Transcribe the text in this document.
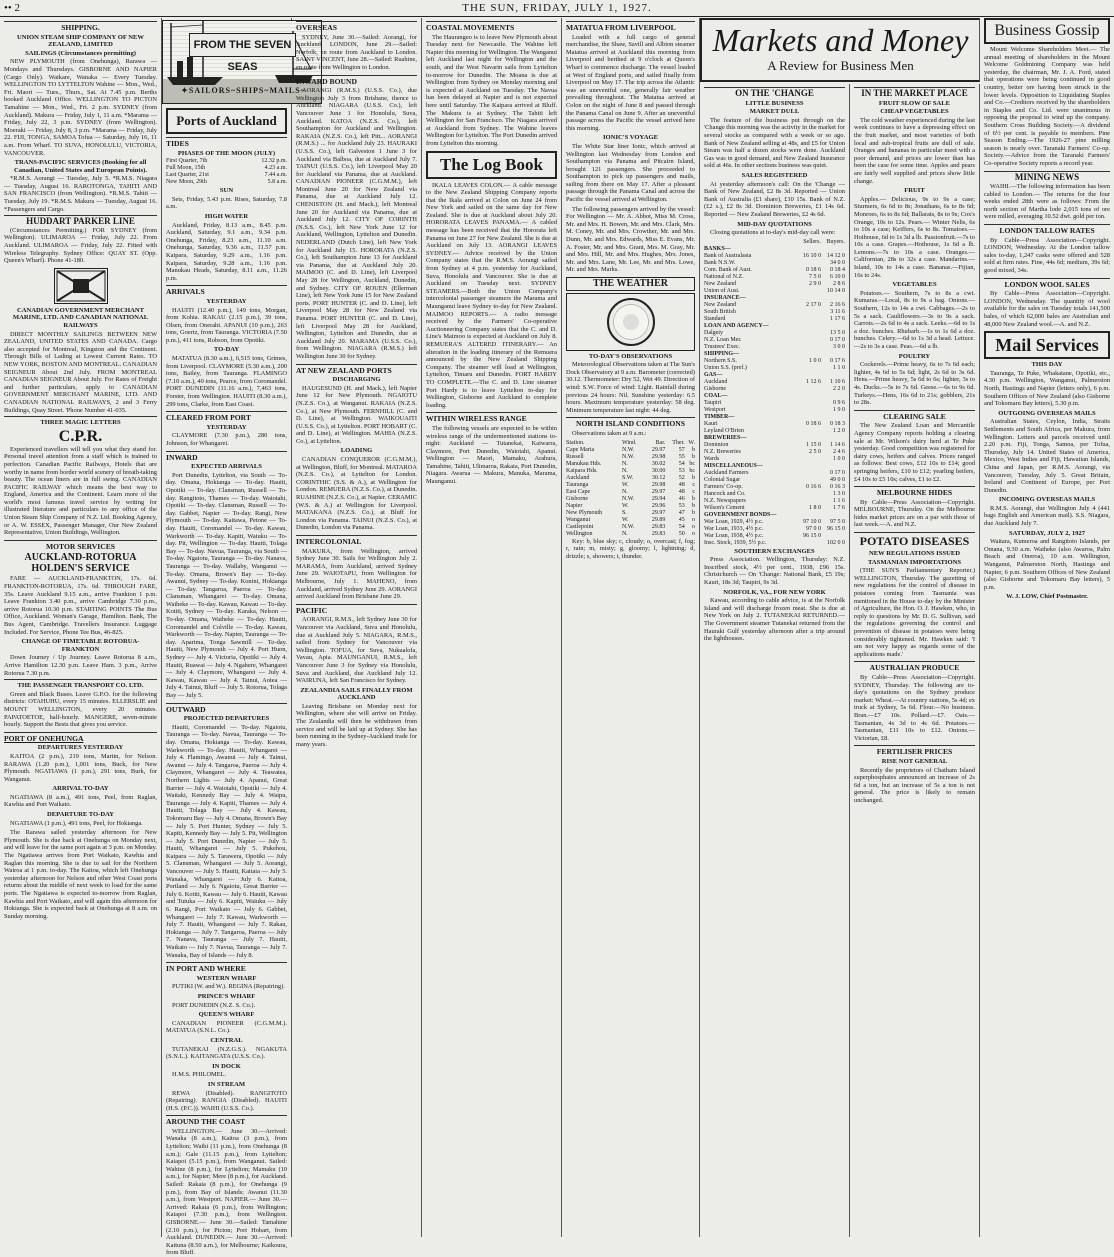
•• 2	THE SUN, FRIDAY, JULY 1, 1927.
SHIPPING.
UNION STEAM SHIP COMPANY OF NEW ZEALAND, LIMITED
SAILINGS (Circumstances permitting)

NEW PLYMOUTH (from Onehunga), Rarawa — Mondays and Thursdays. GISBORNE AND NAPIER (Cargo Only). Waikare, Wanaka — Every Tuesday. WELLINGTON TO LYTTELTON Wahine — Mon., Wed., Fri. Maori — Tues., Thurs., Sat. At 7.45 p.m. Berths booked Auckland Office. WELLINGTON TO PICTON Tamahine — Mon., Wed., Fri. 2 p.m. SYDNEY (from Auckland). Makura — Friday, July 1, 11 a.m. *Marama — Friday, July 22, 3 p.m. SYDNEY (from Wellington). Moeraki — Friday, July 8, 3 p.m. *Marama — Friday, July 22. FIJI, TONGA, SAMOA Tofua — Saturday, July 16, 11 a.m. From Wharf. TO SUVA, HONOLULU, VICTORIA, VANCOUVER.

TRANS-PACIFIC SERVICES (Booking for all Canadian, United States and European Points).

*R.M.S. Aorangi — Tuesday, July 5. *R.M.S. Niagara — Tuesday, August 16. RAROTONGA, TAHITI AND SAN FRANCISCO (from Wellington). *R.M.S. Tahiti — Tuesday, July 19. *R.M.S. Makura — Tuesday, August 16. *Passengers and Cargo.

HUDDART PARKER LINE

(Circumstances Permitting.) FOR SYDNEY (from Wellington). ULIMAROA — Friday, July 22. From Auckland. ULIMAROA — Friday, July 22. Fitted with Wireless Telegraphy. Sydney Office: QUAY ST. (Opp. Queen's Wharf). Phone 41-180.

CANADIAN GOVERNMENT MERCHANT MARINE, LTD. AND CANADIAN NATIONAL RAILWAYS

DIRECT MONTHLY SAILINGS BETWEEN NEW ZEALAND, UNITED STATES AND CANADA. Cargo also accepted for Montreal, Kingston and the Continent. Through Bills of Lading at Lowest Current Rates. TO NEW YORK, BOSTON AND MONTREAL. CANADIAN SEIGNEUR About 2nd July. FROM MONTREAL CANADIAN SEIGNEUR About July. For Rates of Freight and further particulars, apply to CANADIAN GOVERNMENT MERCHANT MARINE, LTD. AND CANADIAN NATIONAL RAILWAYS, 2 and 3 Ferry Buildings, Quay Street. 'Phone Number 41-035.

THREE MAGIC LETTERS
C.P.R.

Experienced travellers will tell you what they stand for. Personal travel attention from a staff which is trained to perfection. Canadian Pacific Railways, Hotels that are worthy in name from border world scenery of breath-taking beauty. The ocean liners are in full swing. CANADIAN PACIFIC RAILWAY which means the best way to England, America and the Continent. Learn more of the world's most famous travel service by writing for illustrated literature and particulars to any office of the Union Steam Ship Company of N.Z. Ltd. Booking Agency, or A. W. ESSEX, Passenger Manager, Our New Zealand Representative, Union Buildings, Wellington.

MOTOR SERVICES
AUCKLAND-ROTORUA HOLDEN'S SERVICE

FARE — AUCKLAND-FRANKTON, 17s. 6d. FRANKTON-ROTORUA, 17s. 6d. THROUGH FARE, 35s. Leave Auckland 9.15 a.m., arrive Frankton 1 p.m. Leave Frankton 3.40 p.m., arrive Cambridge 7.30 p.m., arrive Rotorua 10.30 p.m. STARTING POINTS The Bus Office, Auckland. Woman's Garage, Hamilton. Bank, The Bus Agent, Cambridge. Travellers Insurance. Luggage Included. For Service, Phone Tee Bus, 46-825.

CHANGE OF TIMETABLE ROTORUA-FRANKTON

Down Journey / Up Journey. Leave Rotorua 8 a.m., Arrive Hamilton 12.30 p.m. Leave Ham. 3 p.m., Arrive Rotorua 7.30 p.m.

THE PASSENGER TRANSPORT CO. LTD.

Green and Black Buses. Leave G.P.O. for the following districts: OTAHUHU, every 15 minutes. ELLERSLIE and MOUNT WELLINGTON, every 20 minutes. PAPATOETOE, half-hourly. MANGERE, seven-minute hourly. Support the Bests that gives you service.

PORT OF ONEHUNGA
DEPARTURES YESTERDAY

KAITOA (2 p.m.), 219 tons, Martin, for Nelson. RARAWA (1.20 p.m.), 1,001 tons, Buck, for New Plymouth. NGATIAWA (1 p.m.), 291 tons, Burk, for Wanganui.

ARRIVAL TO-DAY

NGATIAWA (8 a.m.), 491 tons, Peel, from Raglan, Kawhia and Port Waikato.

DEPARTURE TO-DAY

NGATIAWA (1 p.m.), 491 tons, Peel, for Hokianga.

The Rarawa sailed yesterday afternoon for New Plymouth. She is due back at Onehunga on Monday next, and will leave for the same port again at 3 p.m. on Monday. The Ngatiawa arrives from Port Waikato, Kawhia and Raglan this morning. She is due to sail for the Northern Wairoa at 1 p.m. to-day. The Kaitoa, which left Onehunga yesterday afternoon for Nelson and other West Coast ports returns about the middle of next week to load for the same ports. The Ngatiawa is expected to-morrow from Raglan, Kawhia and Port Waikato, and will again this afternoon for Hokianga. She is expected back at Onehunga at 8 a.m. on Sunday morning.

FROM THE SEVEN SEAS
✦SAILORS~SHIPS~MAILS~
Ports of Auckland
TIDES
PHASES OF THE MOON (JULY)
First Quarter, 7th	12.32 p.m.
Full Moon, 15th	4.23 a.m.
Last Quarter, 21st	7.44 a.m.
New Moon, 29th	5.8 a.m.
SUN

Sets, Friday, 5.43 p.m. Rises, Saturday, 7.8 a.m.

HIGH WATER

Auckland, Friday, 8.13 a.m., 8.45 p.m. Auckland, Saturday, 9.1 a.m., 9.34 p.m. Onehunga, Friday, 8.23 a.m., 11.10 a.m. Onehunga, Saturday, 9.36 a.m., 11.57 p.m. Kaipara, Saturday, 9.29 a.m., 1.16 p.m. Kaipara, Saturday, 9.28 a.m., 1.16 p.m. Manukau Heads, Saturday, 8.11 a.m., 11.26 p.m.

ARRIVALS
YESTERDAY

HAUITI (12.40 p.m.), 149 tons, Morgan, from Kohia. RAKAU (2.15 p.m.), 39 tons, Olsen, from Onerahi. APANUI (10 p.m.), 263 tons, Goertz, from Tauranga. VICTORIA (7.50 p.m.), 411 tons, Robson, from Opotiki.

TO-DAY

MATATUA (8.30 a.m.), 6,515 tons, Grimes, from Liverpool. CLAYMORE (5.30 a.m.), 200 tons, Bailey, from Tauranga. FLAMINGO (7.10 a.m.), 40 tons, Pearce, from Coromandel. PORT DUNEDIN (11.16 a.m.), 7,463 tons, Forster, from Wellington. HAUITI (8.30 a.m.), 299 tons, Clarke, from East Coast.

CLEARED FROM PORT
YESTERDAY

CLAYMORE (7.30 p.m.), 280 tons, Johnson, for Whangarei.

INWARD
EXPECTED ARRIVALS

Port Dunedin, Lyttelton, via South — To-day. Omana, Hokianga — To-day. Hauiti, Opotiki — To-day. Clansman, Russell — To-day. Rangitoto, Thames — To-day. Waiotahi, Opotiki — To-day. Clansman, Russell — To-day. Gabbet, Napier — To-day. Rangi, New Plymouth — To-day. Kaitawa, Petone — To-day. Hauiti, Coromandel — To-day. Kawau, Warkworth — To-day. Kapiti, Waiuku — To-day. Pit, Wellington — To-day. Hauiti, Tolaga Bay — To-day. Navua, Tauranga, via South — To-day. Ngaiotu, Tauranga — To-day. Nanava, Tauranga — To-day. Wallaby, Wanganui — To-day. Omana, Brown's Bay — To-day. Awanui, Sydney — To-day. Konini, Hokianga — To-day. Tangaroa, Paeroa — To-day. Clansman, Whangarei — To-day. Omana, Waiheke — To-day. Kawau, Kawau — To-day. Kotiti, Sydney — To-day. Karaka, Nelson — To-day. Omana, Waiheke — To-day. Hauiti, Coromandel and Colville — To-day. Kawau, Warkworth — To-day. Napier, Tauranga — To-day. Aparima, Tonga Sawmill — To-day. Hauiti, New Plymouth — July 4. Port Huon, Sydney — July 4. Victoria, Opotiki — July 4. Hauiti, Ruawai — July 4. Ngahere, Whangarei — July 4. Claymore, Whangarei — July 4. Kawau, Kawau — July 4. Tainui, Aotea — July 4. Tainui, Bluff — July 5. Rotorua, Tolaga Bay — July 5.

OUTWARD
PROJECTED DEPARTURES

Hauiti, Coromandel — To-day. Ngaiotu, Tauranga — To-day. Navua, Tauranga — To-day. Omana, Hokianga — To-day. Kawau, Warkworth — To-day. Hauiti, Whangarei — July 4. Flamingo, Awanui — July 4. Tainui, Awanui — July 4. Tangaroa, Paeroa — July 4. Claymore, Whangarei — July 4. Teawatea, Northern Lights — July 4. Apanui, Great Barrier — July 4. Waiotahi, Opotiki — July 4. Waitaki, Kennedy Bay — July 4. Waipu, Tauranga — July 4. Kapiti, Thames — July 4. Hauiti, Tolaga Bay — July 4. Kawau, Tokomaru Bay — July 4. Omana, Brown's Bay — July 5. Port Hunter, Sydney — July 5. Kapiti, Kennedy Bay — July 5. Pit, Wellington — July 5. Port Dunedin, Napier — July 5. Hauiti, Whangarei — July 5. Pukehou, Kaipara — July 5. Tarawera, Opotiki — July 5. Clansman, Whangarei — July 5. Aorangi, Vancouver — July 5. Hauiti, Kaitaia — July 5. Wanaka, Whangarei — July 6. Kaitoa, Portland — July 6. Ngaiotu, Great Barrier — July 6. Kotiti, Kawau — July 6. Hauiti, Kawau and Tutuka — July 6. Kapiti, Waiuku — July 6. Rangi, Port Waikato — July 6. Gabbet, Whangarei — July 7. Kawau, Warkworth — July 7. Hauiti, Whangarei — July 7. Rakau, Hokianga — July 7. Tangaroa, Paeroa — July 7. Nanava, Tauranga — July 7. Hauiti, Waikato — July 7. Navua, Tauranga — July 7. Wanaka, Bay of Islands — July 8.

IN PORT AND WHERE
WESTERN WHARF

PUTIKI (W. and W.). REGINA (Repairing).

PRINCE'S WHARF

PORT DUNEDIN (N.Z. S. Co.).

QUEEN'S WHARF

CANADIAN PIONEER (C.G.M.M.). MATATUA (S.N.L. Co.).

CENTRAL

TUTANEKAI (N.Z.G.S.). NGAKUTA (S.N.L.). KAITANGATA (U.S.S. Co.).

IN DOCK

H.M.S. PHILOMEL.

IN STREAM

REWA (Disabled). RANGITOTO (Repairing). RANGIA (Disabled). HAUITI (H.S. (P.C.)). WAIHI (U.S.S. Co.).

AROUND THE COAST

WELLINGTON.— June 30.—Arrived: Wanaka (8 a.m.), Kaitoa (3 p.m.), from Lyttelton; Waihi (11 p.m.), from Onehunga (8 a.m.); Gale (11.15 p.m.), from Lyttelton; Kaiapoi (5.15 p.m.), from Wanganui. Sailed: Wahine (8 p.m.), for Lyttelton; Mamaku (10 a.m.), for Napier; Mere (8 p.m.), for Auckland. Sailed: Rakaia (8 p.m.), for Onehunga (9 p.m.), from Bay of Islands; Awanui (11.30 a.m.), from Westport. NAPIER.— June 30.—Arrived: Rakaia (6 p.m.), from Wellington; Kaiapoi (7.30 p.m.), from Wellington. GISBORNE.— June 30.—Sailed: Tamahine (2.10 p.m.), for Picton; Port Hobart, from Auckland. DUNEDIN.— June 30.—Arrived: Kaituna (8.50 a.m.), for Melbourne; Kaikoura, from Bluff.

OVERSEAS

SYDNEY, June 30.—Sailed: Aorangi, for Auckland. LONDON, June 29.—Sailed: Norfolk, en route from Auckland to London. SAINT VINCENT, June 28.—Sailed: Ruahine, en route from Wellington to London.

INWARD BOUND

AORANGI (R.M.S.) (U.S.S. Co.), due Wellington July 3 from Brisbane, thence to Auckland. NIAGARA (U.S.S. Co.), left Vancouver June 1 for Honolulu, Suva, Auckland. KATOA (N.Z.S. Co.), left Southampton for Auckland and Wellington. RAKAIA (N.Z.S. Co.), left Pitt... AORANGI (R.M.S.) ... for Auckland July 23. HAURAKI (U.S.S. Co.), left Galveston 1 June 3 for Auckland via Balboa, due at Auckland July 7. TAINUI (U.S.S. Co.), left Liverpool May 20 for Auckland via Panama, due at Auckland. CANADIAN PIONEER (C.G.M.M.), left Montreal June 20 for New Zealand via Panama, due at Auckland July 12. CHENISTON (H. and Mack.), left Montreal June 20 for Auckland via Panama, due at Auckland July 12. CITY OF CORINTH (N.S.S. Co.), left New York June 12 for Auckland, Wellington, Lyttelton and Dunedin. NEDERLAND (Dutch Line), left New York for Auckland July 15. HORORATA (N.Z.S. Co.), left Southampton June 13 for Auckland via Panama, due at Auckland July 20. MAIMOO (C. and D. Line), left Liverpool May 28 for Wellington, Auckland, Dunedin, and Sydney. CITY OF ROUEN (Ellerman Line), left New York June 15 for New Zealand ports. PORT HUNTER (C. and D. Line), left Liverpool May 28 for New Zealand via Panama. PORT HUNTER (C. and D. Line), left Liverpool May 28 for Auckland, Wellington, Lyttelton and Dunedin, due at Auckland July 20. MARAMA (U.S.S. Co.), from Wellington. NIAGARA (R.M.S.) left Wellington June 30 for Sydney.

AT NEW ZEALAND PORTS
DISCHARGING

HAUGESUND (H. and Mack.), left Napier June 12 for New Plymouth. NGAIOTU (N.Z.S. Co.), at Wanganui. RAKAIA (N.Z.S. Co.), at New Plymouth. FERNHILL (C. and D. Line), at Wellington. WAIKOUAITI (U.S.S. Co.), at Lyttelton. PORT HOBART (C. and D. Line), at Wellington. MAHIA (N.Z.S. Co.), at Lyttelton.

LOADING

CANADIAN CONQUEROR (C.G.M.M.), at Wellington, Bluff, for Montreal. MATAROA (N.Z.S. Co.), at Lyttelton for London. CORINTHIC (S.S. & A.), at Wellington for London. REMUERA (N.Z.S. Co.), at Dunedin. RUAHINE (N.Z.S. Co.), at Napier. CERAMIC (W.S. & A.) at Wellington for Liverpool. MATAKANA (N.Z.S. Co.), at Bluff for London via Panama. TAINUI (N.Z.S. Co.), at Dunedin, London via Panama.

INTERCOLONIAL

MAKURA, from Wellington, arrived Sydney June 30. Sails for Wellington July 2. MARAMA, from Auckland, arrived Sydney June 29. WAIOTAPU, from Wellington for Melbourne, July 1. MAHENO, from Auckland, arrived Sydney June 29. AORANGI arrived Auckland from Brisbane June 29.

PACIFIC

AORANGI, R.M.S., left Sydney June 30 for Vancouver via Auckland, Suva and Honolulu, due at Auckland July 5. NIAGARA, R.M.S., sailed from Sydney for Vancouver via Wellington. TOFUA, for Suva, Nukualofa, Vavau, Apia. MAUNGANUI, R.M.S., left Vancouver June 3 for Sydney via Honolulu, Suva and Auckland, due Auckland July 12. WAIRUNA, left San Francisco for Sydney.

ZEALANDIA SAILS FINALLY FROM AUCKLAND

Leaving Brisbane on Monday next for Wellington, where she will arrive on Friday. The Zealandia will then be withdrawn from service and will be laid up at Sydney. She has been running in the Sydney-Auckland trade for many years.

COASTAL MOVEMENTS

The Haurangeo is to leave New Plymouth about Tuesday next for Newcastle. The Wahine left Napier this morning for Wellington. The Wanganui left Auckland last night for Wellington and the south, and the West Navarin sails from Lyttelton to-morrow for Dunedin. The Moana is due at Wellington from Sydney on Monday morning and is expected at Auckland on Tuesday. The Navua has been delayed at Napier and is not expected here until Saturday. The Kaipara arrived at Bluff. The Makura is at Sydney. The Tahiti left Wellington for San Francisco. The Niagara arrived at Auckland from Sydney. The Wahine leaves Wellington for Lyttelton. The Port Dunedin arrived from Lyttelton this morning.

The Log Book

IKALA LEAVES COLON.— A cable message to the New Zealand Shipping Company reports that the Ikala arrived at Colon on June 24 from New York and sailed on the same day for New Zealand. She is due at Auckland about July 20. HORORATA LEAVES PANAMA.— A cabled message has been received that the Hororata left Panama on June 27 for New Zealand. She is due at Auckland on July 13. AORANGI LEAVES SYDNEY.— Advice received by the Union Company states that the R.M.S. Aorangi sailed from Sydney at 4 p.m. yesterday for Auckland, Suva, Honolulu and Vancouver. She is due at Auckland on Tuesday next. SYDNEY STEAMERS.—Both the Union Company's intercolonial passenger steamers the Marama and Maunganui leave Sydney to-day for New Zealand. MAIMOO REPORTS.— A radio message received by the Farmers' Co-operative Auctioneering Company states that the C. and D. Line's Maimoo is expected at Auckland on July 8. REMUERA'S ALTERED ITINERARY.— An alteration in the loading itinerary of the Remuera announced by the New Zealand Shipping Company. The steamer will load at Wellington, Lyttelton, Timaru and Dunedin. FORT HARDY TO COMPLETE.—The C. and D. Line steamer Port Hardy is to leave Lyttelton to-day for Wellington, Gisborne and Auckland to complete loading.

WITHIN WIRELESS RANGE

The following vessels are expected to be within wireless range of the undermentioned stations to-night: Auckland — Tutanekai, Kaiwarra, Claymore, Port Dunedin, Waiotahi, Apanui. Wellington — Maori, Mamaku, Arahura, Tamahine, Tahiti, Ulimaroa, Rakaia, Port Dunedin, Niagara. Awarua — Makura, Manuka, Marama, Maunganui.

MATATUA FROM LIVERPOOL

Loaded with a full cargo of general merchandise, the Shaw, Savill and Albion steamer Matatua arrived at Auckland this morning from Liverpool and berthed at 9 o'clock at Queen's Wharf to commence discharge. The vessel loaded at West of England ports, and sailed finally from Liverpool on May 17. The trip across the Atlantic was an uneventful one, generally fair weather prevailing throughout. The Matatua arrived at Colon on the night of June 8 and passed through the Panama Canal on June 9. After an uneventful passage across the Pacific the vessel arrived here this morning.

IONIC'S VOYAGE

The White Star liner Ionic, which arrived at Wellington last Wednesday from London and Southampton via Panama and Pitcairn Island, brought 121 passengers. She proceeded to Southampton to pick up passengers and mails, sailing from there on May 17. After a pleasant passage through the Panama Canal and across the Pacific the vessel arrived at Wellington.

The following passengers arrived by the vessel: For Wellington — Mr. A. Abbot, Miss M. Cross, Mr. and Mrs. H. Bowen, Mr. and Mrs. Clark, Mrs. M. Coney, Mr. and Mrs. Crowther, Mr. and Mrs. Dunn, Mr. and Mrs. Edwards, Miss E. Evans, Mr. A. Foster, Mr. and Mrs. Grant, Mrs. M. Gray, Mr. and Mrs. Hill, Mr. and Mrs. Hughes, Mrs. Jones, Mr. and Mrs. Lane, Mr. Lee, Mr. and Mrs. Lowe, Mr. and Mrs. Marks.

THE WEATHER
TO-DAY'S OBSERVATIONS

Meteorological Observations taken at The Sun's Dock Observatory at 9 a.m. Barometer (corrected) 30.12. Thermometer: Dry 52, Wet 49. Direction of wind: S.W. Force of wind: Light. Rainfall during previous 24 hours: Nil. Sunshine yesterday: 6.5 hours. Maximum temperature yesterday: 58 deg. Minimum temperature last night: 44 deg.

NORTH ISLAND CONDITIONS

Observations taken at 9 a.m.:

Station.	Wind.	Bar.	Ther.	W.
Cape Maria	N.W.	29.97	57	b
Russell	N.W.	29.98	55	b
Manukau Hds.	N.	30.02	54	bc
Kaipara Hds.	N.	30.00	53	bc
Auckland	S.W.	30.12	52	b
Tauranga	W.	29.98	48	c
East Cape	N.	29.97	48	c
Gisborne	N.W.	29.94	46	b
Napier	W.	29.96	53	b
New Plymouth	S.	29.97	47	b
Wanganui	W.	29.89	45	o
Castlepoint	N.W.	29.83	54	o
Wellington	N.	29.83	50	o

Key: b, blue sky; c, cloudy; o, overcast; f, fog; r, rain; m, misty; g, gloomy; l, lightning; d, drizzle; s, showers; t, thunder.

Markets and Money
A Review for Business Men
ON THE 'CHANGE
LITTLE BUSINESS
MARKET DULL

The feature of the business put through on the 'Change this morning was the activity in the market for several stocks as compared with a week or so ago. Bank of New Zealand selling at 48s, and £5 for Union Steam was half a dozen stocks were done. Auckland Gas was in good demand, and New Zealand Insurance sold at 46s. In other sections business was quiet.

SALES REGISTERED

At yesterday afternoon's call: On the 'Change — Bank of New Zealand, £2 8s 3d. Reported — Union Bank of Australia (£1 share), £10 15s. Bank of N.Z. (£2 s.), £2 8s 3d. Dominion Breweries, £1 14s 6d. Reported — New Zealand Breweries, £2 4s 6d.

MID-DAY QUOTATIONS

Closing quotations at to-day's mid-day call were:

	Sellers.	Buyers.
BANKS—		
Bank of Australasia	16 10 0	14 12 0
Bank N.S.W.		34 0 0
Com. Bank of Aust.	0 18 6	0 18 4
National of N.Z.	7 5 0	6 10 0
New Zealand	2 9 0	2 8 6
Union of Aust.		10 14 0
INSURANCE—		
New Zealand	2 17 0	2 16 6
South British		3 11 6
Standard		1 17 6
LOAN AND AGENCY—		
Dalgety		13 5 0
N.Z. Loan Mer.		0 17 0
Trustees' Exec.		3 0 0
SHIPPING—		
Northern S.S.	1 0 0	0 17 6
Union S.S. (pref.)		1 1 0
GAS—		
Auckland	1 12 6	1 10 6
Gisborne		2 2 0
COAL—		
Taupiri		0 9 6
Westport		1 9 0
TIMBER—		
Kauri	0 18 6	0 18 3
Leyland O'Brien		1 2 0
BREWERIES—		
Dominion	1 15 0	1 14 6
N.Z. Breweries	2 5 0	2 4 6
Wards		1 0 0
MISCELLANEOUS—		
Auckland Farmers		0 17 0
Colonial Sugar		49 0 0
Farmers' Co-op.	0 16 6	0 16 3
Hancock and Co.		1 3 0
N.Z. Newspapers		1 1 6
Wilson's Cement	1 8 0	1 7 6
GOVERNMENT BONDS—		
War Loan, 1929, 4½ p.c.	97 10 0	97 5 0
War Loan, 1933, 4½ p.c.	97 0 0	96 15 0
War Loan, 1938, 4½ p.c.	96 15 0	
Insc. Stock, 1939, 5½ p.c.		102 0 0
SOUTHERN EXCHANGES

Press Association. Wellington, Thursday: N.Z. Inscribed stock, 4½ per cent., 1938, £96 15s. Christchurch — On 'Change: National Bank, £5 19s; Kauri, 18s 3d; Taupiri, 9s 3d.

NORFOLK, VA., FOR NEW YORK

Kawau, according to cable advice, is at the Norfolk Island and will discharge frozen meat. She is due at New York on July 2. TUTANEKAI RETURNED.—The Government steamer Tutanekai returned from the Hauraki Gulf yesterday afternoon after a trip around the lighthouses.

IN THE MARKET PLACE
FRUIT SLOW OF SALE
CHEAP VEGETABLES

The cold weather experienced during the last week continues to have a depressing effect on the fruit market, and most varieties of both local and sub-tropical fruits are dull of sale. Oranges and bananas in particular meet with a poor demand, and prices are lower than has been the case for some time. Apples and pears are fairly well supplied and prices show little change.

FRUIT

Apples.— Delicious, 9s to 9s a case; Sturmers, 6s 6d to 8s; Jonathans, 6s to 8s 6d; Monroes, 6s to 8s 6d; Ballarats, 8s to 9s; Cox's Orange, 10s to 12s. Pears.— Winter Nelis, 6s to 10s a case; Keiffers, 6s to 8s. Tomatoes.—Hothouse, 6d to 1s 3d a lb. Passionfruit.—7s to 10s a case. Grapes.—Hothouse, 1s 6d a lb. Lemons.—7s to 10s a case. Oranges.—Californian, 28s to 32s a case. Mandarins.—Island, 10s to 14s a case. Bananas.—Fijian, 16s to 24s.

VEGETABLES

Potatoes.— Southern, 7s to 8s a cwt. Kumaras.—Local, 8s to 9s a bag. Onions.—Southern, 12s to 14s a cwt. Cabbages.—2s to 5s a sack. Cauliflowers.—3s to 9s a sack. Carrots.—2s 6d to 4s a sack. Leeks.—6d to 1s a doz. bunches. Rhubarb.—1s to 1s 6d a doz. bunches. Celery.—6d to 1s 3d a head. Lettuce.—2s to 3s a case. Peas.—6d a lb.

POULTRY

Cockerels.—Prime heavy, 6s to 7s 6d each; lighter, 4s 6d to 5s 6d; light, 2s 6d to 3s 6d. Hens.—Prime heavy, 5s 6d to 6s; lighter, 3s to 4s. Ducks.—5s to 7s 6d. Geese.—6s to 9s 6d. Turkeys.—Hens, 16s 6d to 21s; gobblers, 21s to 28s.

CLEARING SALE

The New Zealand Loan and Mercantile Agency Company reports holding a clearing sale at Mr. Wilson's dairy herd at Te Puke yesterday. Good competition was registered for dairy cows, heifers and calves. Prices ranged as follows: Best cows, £12 10s to £14; good springing heifers, £10 to £12; yearling heifers, £4 10s to £5 10s; calves, £1 to £2.

MELBOURNE HIDES

By Cable—Press Association—Copyright. MELBOURNE, Thursday. On the Melbourne hides market prices are on a par with those of last week.—A. and N.Z.

POTATO DISEASES
NEW REGULATIONS ISSUED
TASMANIAN IMPORTATIONS

(THE SUN'S Parliamentary Reporter.) WELLINGTON, Thursday. The gazetting of new regulations for the control of disease in potatoes coming from Tasmania was mentioned in the House to-day by the Minister of Agriculture, the Hon. O. J. Hawken, who, in reply to questions by Mr. D. G. Sullivan, said the regulations governing the control and prevention of disease in potatoes were being considerably tightened. Mr. Hawken said: 'I am not very happy as regards some of the applications made.'

AUSTRALIAN PRODUCE

By Cable—Press Association—Copyright. SYDNEY, Thursday. The following are to-day's quotations on the Sydney produce market: Wheat.—At country stations, 5s 4d; ex truck at Sydney, 5s 6d. Flour.—No business. Bran.—£7 10s. Pollard.—£7. Oats.—Tasmanian, 4s 3d to 4s 6d. Potatoes.—Tasmanian, £11 10s to £12. Onions.—Victorian, £8.

FERTILISER PRICES
RISE NOT GENERAL

Recently the proprietors of Chatham Island superphosphates announced an increase of 2s 6d a ton, but an increase of 5s a ton is not general. The price is likely to remain unchanged.

Business Gossip

Mount Welcome Shareholders Meet.— The annual meeting of shareholders in the Mount Welcome Goldmining Company was held yesterday, the chairman, Mr. J. A. Ford, stated that operations were being continued in good country, better ore having been struck in the lower levels. Opposition to Liquidating Staples and Co.—Creditors received by the shareholders in Staples and Co. Ltd. were unanimous in opposing the proposal to wind up the company. Southern Cross Building Society.—A dividend of 6½ per cent. is payable to members. Pine Season Ending.—The 1926-27 pine milling season is nearly over. Taranaki Farmers' Co-op. Society.—Advice from the Taranaki Farmers' Co-operative Society reports a record year.

MINING NEWS

WAIHI.—The following information has been cabled to London.— The returns for the four weeks ended 28th were as follows: From the north section of Martha lode 2,015 tons of ore were milled, averaging 10.52 dwt. gold per ton.

LONDON TALLOW RATES

By Cable—Press Association—Copyright. LONDON, Wednesday. At the London tallow sales to-day, 1,247 casks were offered and 528 sold at firm rates. Fine, 44s 6d; medium, 39s 6d; good mixed, 34s.

LONDON WOOL SALES

By Cable—Press Association—Copyright. LONDON, Wednesday. The quantity of wool available for the sales on Tuesday totals 141,500 bales, of which 62,000 bales are Australian and 48,000 New Zealand wool.—A. and N.Z.

Mail Services
THIS DAY

Tauranga, Te Puke, Whakatane, Opotiki, etc., 4.30 p.m. Wellington, Wanganui, Palmerston North, Hastings and Napier (letters only), 6 p.m. Southern Offices of New Zealand (also Gisborne and Tokomaru Bay letters), 5.30 p.m.

OUTGOING OVERSEAS MAILS

Australian States, Ceylon, India, Straits Settlements and South Africa, per Makura, from Wellington. Letters and parcels received until 2.20 p.m. Fiji, Tonga, Samoa, per Tofua, Thursday, July 14. United States of America, Mexico, West Indies and Fiji, Hawaiian Islands, China and Japan, per R.M.S. Aorangi, via Vancouver, Tuesday, July 5. Great Britain, Ireland and Continent of Europe, per Port Dunedin.

INCOMING OVERSEAS MAILS

R.M.S. Aorangi, due Wellington July 4 (441 bags English and American mail). S.S. Niagara, due Auckland July 7.

SATURDAY, JULY 2, 1927

Waitara, Kumeroa and Rangitoto Islands, per Omana, 9.30 a.m. Waiheke (also Awaroa, Palm Beach and Oneroa), 10 a.m. Wellington, Wanganui, Palmerston North, Hastings and Napier, 6 p.m. Southern Offices of New Zealand (also Gisborne and Tokomaru Bay letters), 5 p.m.

W. J. LOW, Chief Postmaster.
